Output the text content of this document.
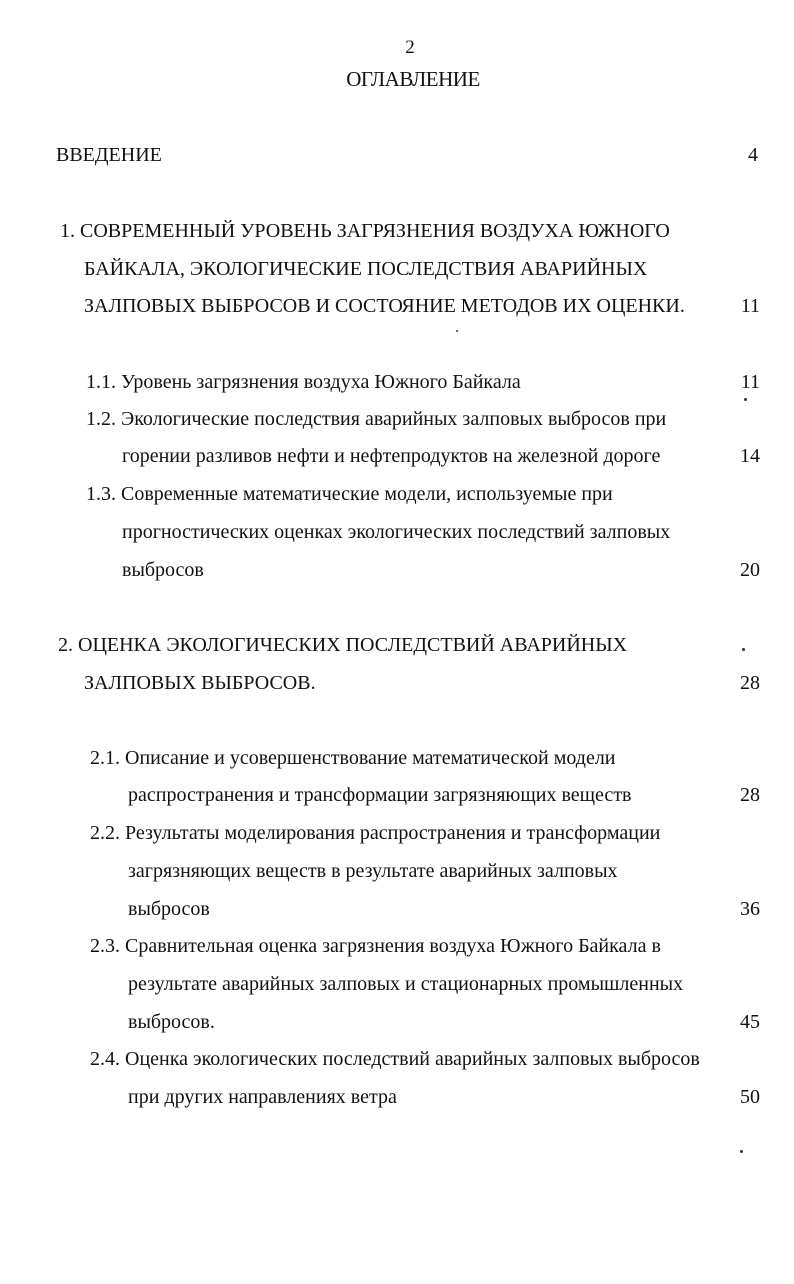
2
ОГЛАВЛЕНИЕ
ВВЕДЕНИЕ	4
1. СОВРЕМЕННЫЙ УРОВЕНЬ ЗАГРЯЗНЕНИЯ ВОЗДУХА ЮЖНОГО
БАЙКАЛА, ЭКОЛОГИЧЕСКИЕ ПОСЛЕДСТВИЯ АВАРИЙНЫХ
ЗАЛПОВЫХ ВЫБРОСОВ И СОСТОЯНИЕ МЕТОДОВ ИХ ОЦЕНКИ.	11
1.1. Уровень загрязнения воздуха Южного Байкала	11
1.2. Экологические последствия аварийных залповых выбросов при
горении разливов нефти и нефтепродуктов на железной дороге	14
1.3. Современные математические модели, используемые при
прогностических оценках экологических последствий залповых
выбросов	20
2. ОЦЕНКА ЭКОЛОГИЧЕСКИХ ПОСЛЕДСТВИЙ АВАРИЙНЫХ
ЗАЛПОВЫХ ВЫБРОСОВ.	28
2.1. Описание и усовершенствование математической модели
распространения и трансформации загрязняющих веществ	28
2.2. Результаты моделирования распространения и трансформации
загрязняющих веществ в результате аварийных залповых
выбросов	36
2.3. Сравнительная оценка загрязнения воздуха Южного Байкала в
результате аварийных залповых и стационарных промышленных
выбросов.	45
2.4. Оценка экологических последствий аварийных залповых выбросов
при других направлениях ветра	50
